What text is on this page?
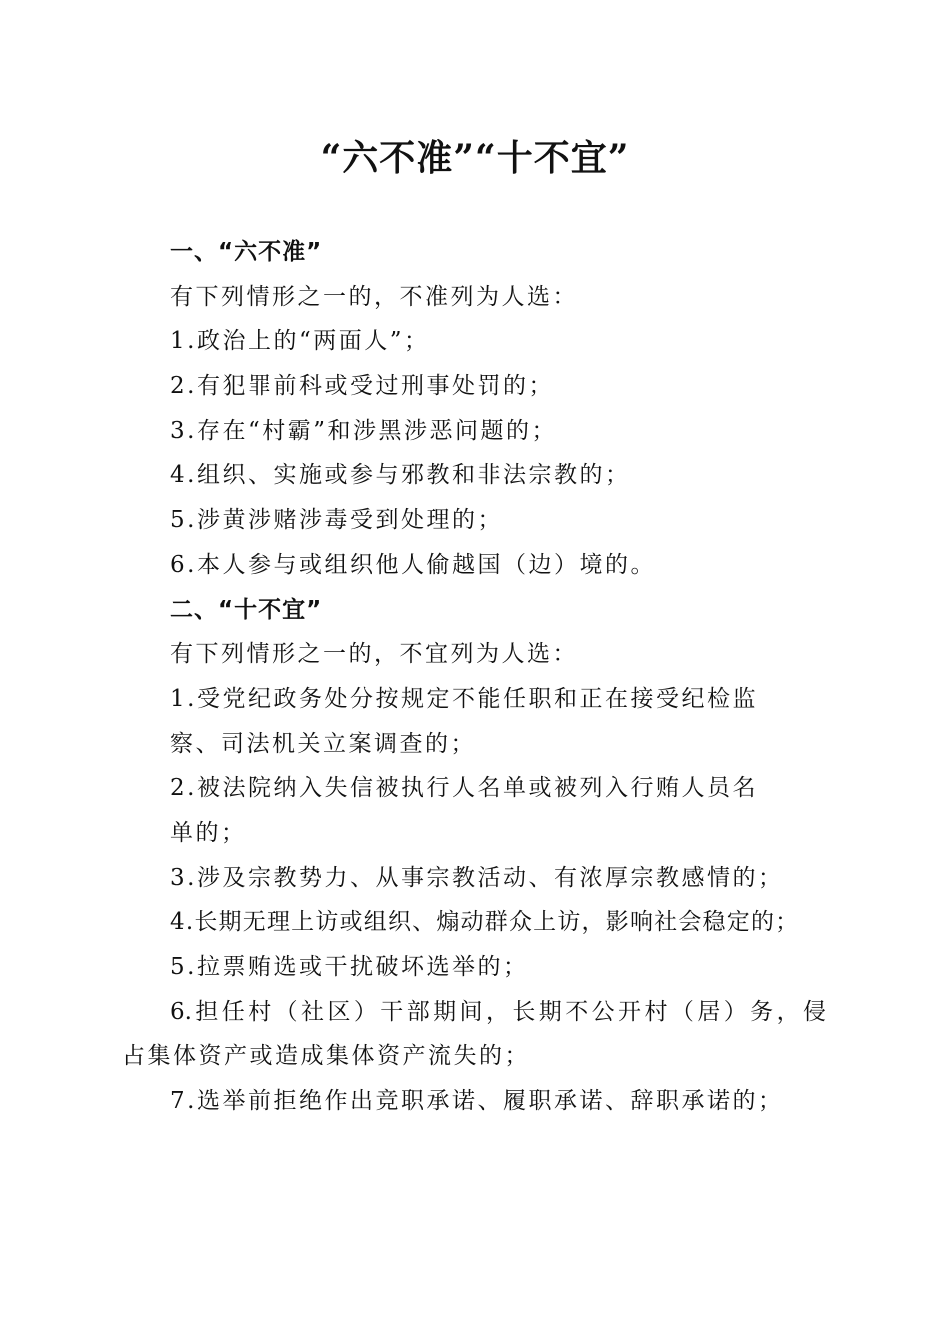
“六不准”“十不宜”
一、“六不准”
有下列情形之一的，不准列为人选：
1.政治上的“两面人”；
2.有犯罪前科或受过刑事处罚的；
3.存在“村霸”和涉黑涉恶问题的；
4.组织、实施或参与邪教和非法宗教的；
5.涉黄涉赌涉毒受到处理的；
6.本人参与或组织他人偷越国（边）境的。
二、“十不宜”
有下列情形之一的，不宜列为人选：
1.受党纪政务处分按规定不能任职和正在接受纪检监
察、司法机关立案调查的；
2.被法院纳入失信被执行人名单或被列入行贿人员名
单的；
3.涉及宗教势力、从事宗教活动、有浓厚宗教感情的；
4.长期无理上访或组织、煽动群众上访，影响社会稳定的；
5.拉票贿选或干扰破坏选举的；
6.担任村（社区）干部期间，长期不公开村（居）务，侵
占集体资产或造成集体资产流失的；
7.选举前拒绝作出竞职承诺、履职承诺、辞职承诺的；
